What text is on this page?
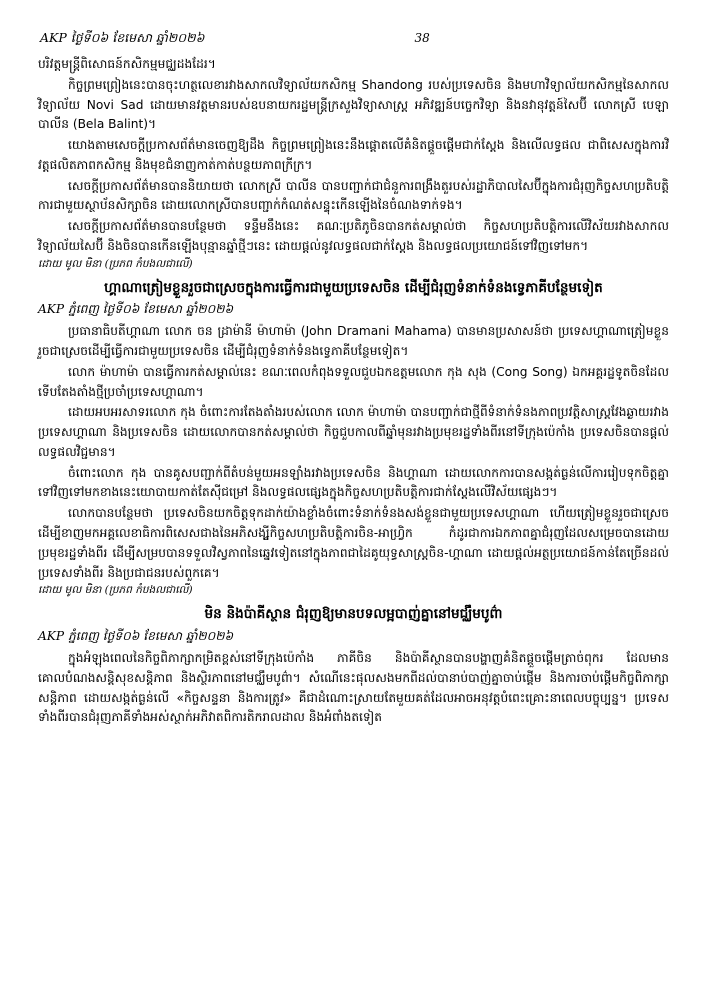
AKP ថ្ងៃទី០៦ ខែមេសា ឆ្នាំ២០២៦	38

បរិវត្តមន្ត្រីពិសោធន៍កសិកម្មមជ្ឈដងដែរ។

កិច្ចព្រមព្រៀងនេះបានចុះហត្ថលេខារវាងសាកលវិទ្យាល័យកសិកម្ម Shandong របស់ប្រទេសចិន និងមហាវិទ្យាល័យកសិកម្មនៃសាកលវិទ្យាល័យ Novi Sad ដោយមានវត្តមានរបស់ឧបនាយករដ្ឋមន្ត្រីក្រសួងវិទ្យាសាស្ត្រ អភិវឌ្ឍន៍បច្ចេកវិទ្យា និងនវានុវត្តន៍សៃប៊ី លោកស្រី បេឡា បាលីន (Bela Balint)។

យោងតាមសេចក្តីប្រកាសព័ត៌មានចេញឱ្យដឹង កិច្ចព្រមព្រៀងនេះនឹងផ្តោតលើគំនិតផ្តួចផ្តើមជាក់ស្តែង និងលើលទ្ធផល ជាពិសេសក្នុងការវិវត្តផលិតភាពកសិកម្ម និងមុខជំនាញកាត់កាត់បន្ថយភាពក្រីក្រ។

សេចក្តីប្រកាសព័ត៌មានបាននិយាយថា លោកស្រី បាលីន បានបញ្ជាក់ជាជំនួការពង្រឹងតួរបស់រដ្ឋាភិបាលសៃប៊ីក្នុងការជំរុញកិច្ចសហប្រតិបត្តិការជាមួយស្ថាប័នសិក្សាចិន ដោយលោកស្រីបានបញ្ជាក់កំណត់សន្ទុះកើនឡើងនៃចំណងទាក់ទង។

សេចក្តីប្រកាសព័ត៌មានបានបន្ថែមថា ទន្ទឹមនឹងនេះ គណៈប្រតិភូចិនបានកត់សម្គាល់ថា កិច្ចសហប្រតិបត្តិការលើវិស័យរវាងសាកលវិទ្យាល័យសៃប៊ី និងចិនបានកើនឡើងបុន្មានឆ្នាំថ្មីៗនេះ ដោយផ្តល់នូវលទ្ធផលជាក់ស្តែង និងលទ្ធផលប្រយោជន៍ទៅវិញទៅមក។

ដោយ មូល មិនា (ប្រភព កំបងលជាលើ)
ហ្គាណាត្រៀមខ្លួនរួចជាស្រេចក្នុងការធ្វើការជាមួយប្រទេសចិន ដើម្បីជំរុញទំនាក់ទំនងទ្វេភាគីបន្ថែមទៀត
AKP ភ្នំពេញ ថ្ងៃទី០៦ ខែមេសា ឆ្នាំ២០២៦

ប្រធានាធិបតីហ្គាណា លោក ចន ដ្រាម៉ានី ម៉ាហាម៉ា (John Dramani Mahama) បានមានប្រសាសន៍ថា ប្រទេសហ្គាណាត្រៀមខ្លួនរួចជាស្រេចដើម្បីធ្វើការជាមួយប្រទេសចិន ដើម្បីជំរុញទំនាក់ទំនងទ្វេភាគីបន្ថែមទៀត។

លោក ម៉ាហាម៉ា បានធ្វើការកត់សម្គាល់នេះ ខណៈពេលកំពុងទទួលជួបឯកឧត្តមលោក កុង សុង (Cong Song) ឯកអគ្គរដ្ឋទូតចិនដែលទើបតែងតាំងថ្មីប្រចាំប្រទេសហ្គាណា។

ដោយអបអរសាទរលោក កុង ចំពោះការតែងតាំងរបស់លោក លោក ម៉ាហាម៉ា បានបញ្ជាក់ជាថ្មីពីទំនាក់ទំនងភាពប្រវត្តិសាស្ត្រវែងឆ្ងាយរវាងប្រទេសហ្គាណា និងប្រទេសចិន ដោយលោកបានកត់សម្គាល់ថា កិច្ចជួបកាលពីឆ្នាំមុនរវាងប្រមុខរដ្ឋទាំងពីរនៅទីក្រុងប៉េកាំង ប្រទេសចិនបានផ្តល់លទ្ធផលវិជ្ជមាន។

ចំពោះលោក កុង បានគូសបញ្ជាក់ពីតំបន់មួយអនឡាំងរវាងប្រទេសចិន និងហ្គាណា ដោយលោកការបានសង្កត់ធ្ងន់លើការរៀបទុកចិត្តគ្នាទៅវិញទៅមកខាងនេះយោបាយកាត់តែស៊ីជម្រៅ និងលទ្ធផលផ្សេងក្នុងកិច្ចសហប្រតិបត្តិការជាក់ស្តែងលើវិស័យផ្សេងៗ។

លោកបានបន្ថែមថា ប្រទេសចិនយកចិត្តទុកដាក់យ៉ាងខ្លាំងចំពោះទំនាក់ទំនងសង់ខ្លួនជាមួយប្រទេសហ្គាណា ហើយត្រៀមខ្លួនរួចជាស្រេចដើម្បីខាញមកអគ្គលេខាធិការពិសេសជាងនៃអភិសង្ស្តីកិច្ចសហប្រតិបត្តិការចិន-អាហ្រ្វិក កំដូរជាការឯកភាពគ្នាជំរុញដែលសម្រេចបានដោយប្រមុខរដ្ឋទាំងពីរ ដើម្បីសម្របបានទទួលវិស្វភាពនៃឆ្នេវទៀតនៅក្នុងភាពជាដៃគូយុទ្ធសាស្ត្រចិន-ហ្គាណា ដោយផ្តល់អត្ថប្រយោជន៍កាន់តែច្រើនដល់ប្រទេសទាំងពីរ និងប្រជាជនរបស់ពួកគេ។

ដោយ មូល មិនា (ប្រភព កំបងលជាលើ)
មិន និងប៉ាគីស្ថាន ជំរុញឱ្យមានបទលម្អបាញ់គ្នានៅមជ្ឈឹមបូព៌ា
AKP ភ្នំពេញ ថ្ងៃទី០៦ ខែមេសា ឆ្នាំ២០២៦

ក្នុងអំឡុងពេលនៃកិច្ចពិភាក្សាកម្រិតខ្ពស់នៅទីក្រុងប៉េកាំង ភាគីចិន និងប៉ាគីស្ថានបានបង្ហាញគំនិតផ្តួចផ្តើមត្រាច់ពុករ ដែលមានគោលបំណងសន្តិសុខសន្តិភាព និងស្ថិរភាពនៅមជ្ឈឹមបូព៌ា។ សំណើនេះផុលសងមកពីដល់បានាប់បាញ់គ្នាចាប់ផ្តើម និងការចាប់ផ្តើមកិច្ចពិភាក្សាសន្តិភាព ដោយសង្កត់ធ្ងន់លើ «កិច្ចសន្ទនា និងការត្រូវ» គឺជាដំណោះស្រាយតែមួយគត់ដែលអាចអនុវត្តបំពេះគ្រោះនាពេលបច្ចុប្បន្ន។ ប្រទេសទាំងពីរបានជំរុញភាគីទាំងអស់ស្ថាក់អភិវាតពិការតិករាលដាល និងអំពាំងតទៀត
